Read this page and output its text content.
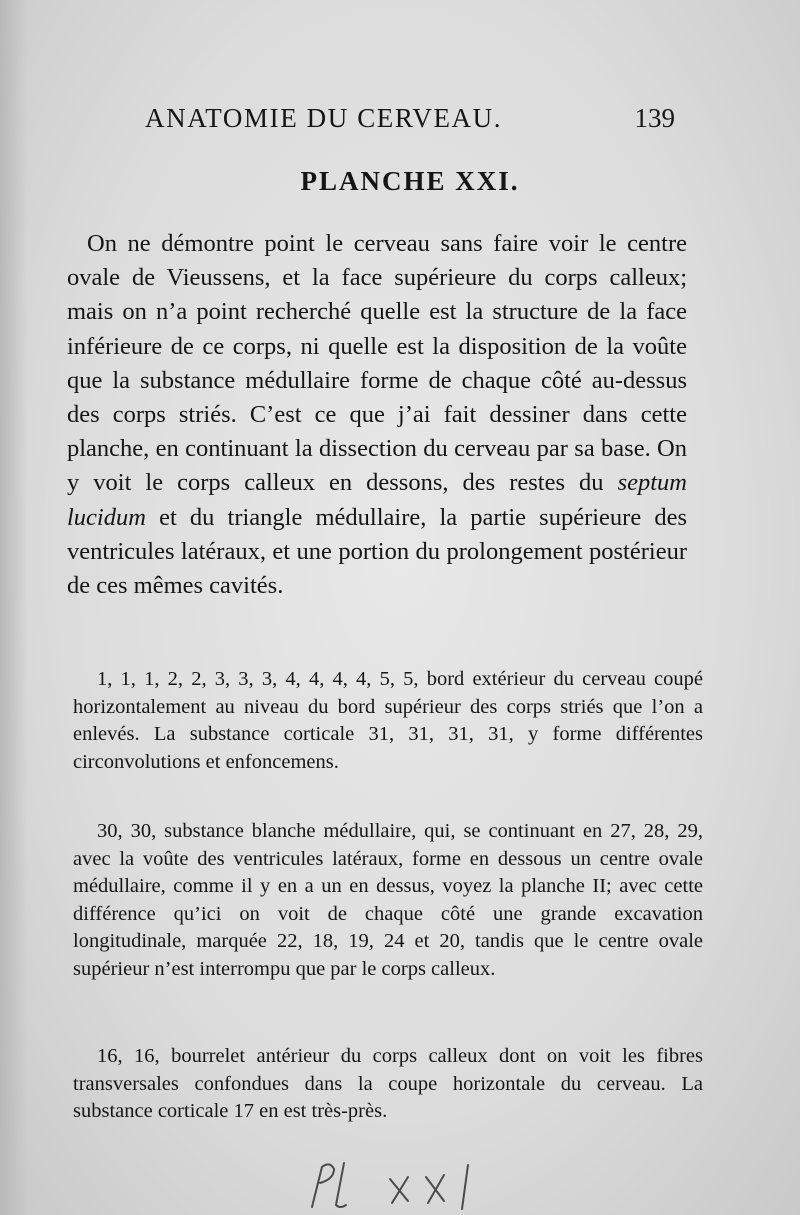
ANATOMIE DU CERVEAU.	139
PLANCHE XXI.

On ne démontre point le cerveau sans faire voir le centre ovale de Vieussens, et la face supérieure du corps calleux; mais on n’a point recherché quelle est la structure de la face inférieure de ce corps, ni quelle est la disposition de la voûte que la substance médullaire forme de chaque côté au-dessus des corps striés. C’est ce que j’ai fait dessiner dans cette planche, en continuant la dissection du cerveau par sa base. On y voit le corps calleux en dessons, des restes du septum lucidum et du triangle médullaire, la partie supérieure des ventricules latéraux, et une portion du prolongement postérieur de ces mêmes cavités.

1, 1, 1, 2, 2, 3, 3, 3, 4, 4, 4, 4, 5, 5, bord extérieur du cerveau coupé horizontalement au niveau du bord supérieur des corps striés que l’on a enlevés. La substance corticale 31, 31, 31, 31, y forme différentes circonvolutions et enfoncemens.

30, 30, substance blanche médullaire, qui, se continuant en 27, 28, 29, avec la voûte des ventricules latéraux, forme en dessous un centre ovale médullaire, comme il y en a un en dessus, voyez la planche II; avec cette différence qu’ici on voit de chaque côté une grande excavation longitudinale, marquée 22, 18, 19, 24 et 20, tandis que le centre ovale supérieur n’est interrompu que par le corps calleux.

16, 16, bourrelet antérieur du corps calleux dont on voit les fibres transversales confondues dans la coupe horizontale du cerveau. La substance corticale 17 en est très-près.
